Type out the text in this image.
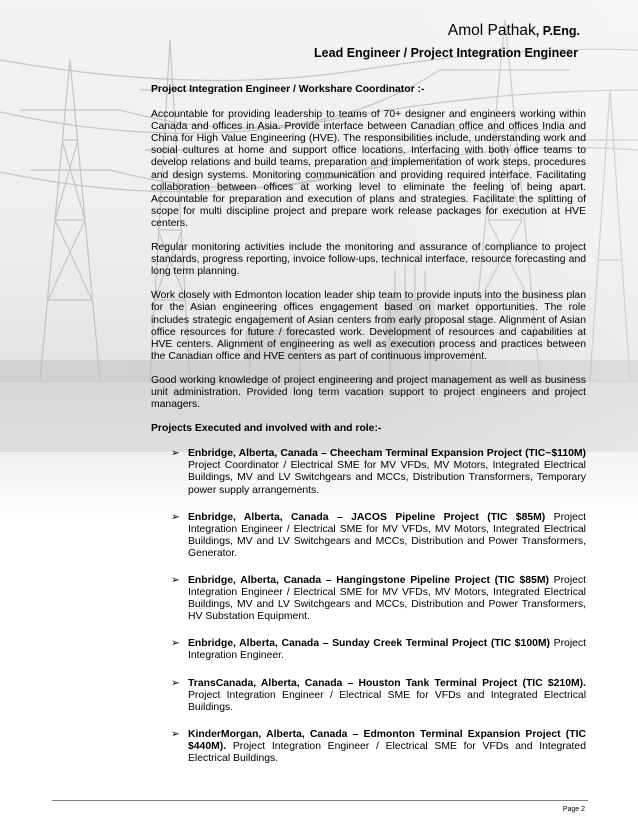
Amol Pathak, P.Eng.
Lead Engineer / Project Integration Engineer
Project Integration Engineer / Workshare Coordinator :-

Accountable for providing leadership to teams of 70+ designer and engineers working within Canada and offices in Asia. Provide interface between Canadian office and offices India and China for High Value Engineering (HVE). The responsibilities include, understanding work and social cultures at home and support office locations. Interfacing with both office teams to develop relations and build teams, preparation and implementation of work steps, procedures and design systems. Monitoring communication and providing required interface. Facilitating collaboration between offices at working level to eliminate the feeling of being apart. Accountable for preparation and execution of plans and strategies. Facilitate the splitting of scope for multi discipline project and prepare work release packages for execution at HVE centers.

Regular monitoring activities include the monitoring and assurance of compliance to project standards, progress reporting, invoice follow-ups, technical interface, resource forecasting and long term planning.

Work closely with Edmonton location leader ship team to provide inputs into the business plan for the Asian engineering offices engagement based on market opportunities. The role includes strategic engagement of Asian centers from early proposal stage. Alignment of Asian office resources for future / forecasted work. Development of resources and capabilities at HVE centers. Alignment of engineering as well as execution process and practices between the Canadian office and HVE centers as part of continuous improvement.

Good working knowledge of project engineering and project management as well as business unit administration. Provided long term vacation support to project engineers and project managers.

Projects Executed and involved with and role:-
➢ Enbridge, Alberta, Canada – Cheecham Terminal Expansion Project (TIC~$110M) Project Coordinator / Electrical SME for MV VFDs, MV Motors, Integrated Electrical Buildings, MV and LV Switchgears and MCCs, Distribution Transformers, Temporary power supply arrangements.
➢ Enbridge, Alberta, Canada – JACOS Pipeline Project (TIC $85M) Project Integration Engineer / Electrical SME for MV VFDs, MV Motors, Integrated Electrical Buildings, MV and LV Switchgears and MCCs, Distribution and Power Transformers, Generator.
➢ Enbridge, Alberta, Canada – Hangingstone Pipeline Project (TIC $85M) Project Integration Engineer / Electrical SME for MV VFDs, MV Motors, Integrated Electrical Buildings, MV and LV Switchgears and MCCs, Distribution and Power Transformers, HV Substation Equipment.
➢ Enbridge, Alberta, Canada – Sunday Creek Terminal Project (TIC $100M) Project Integration Engineer.
➢ TransCanada, Alberta, Canada – Houston Tank Terminal Project (TIC $210M). Project Integration Engineer / Electrical SME for VFDs and Integrated Electrical Buildings.
➢ KinderMorgan, Alberta, Canada – Edmonton Terminal Expansion Project (TIC $440M). Project Integration Engineer / Electrical SME for VFDs and Integrated Electrical Buildings.
Page 2
